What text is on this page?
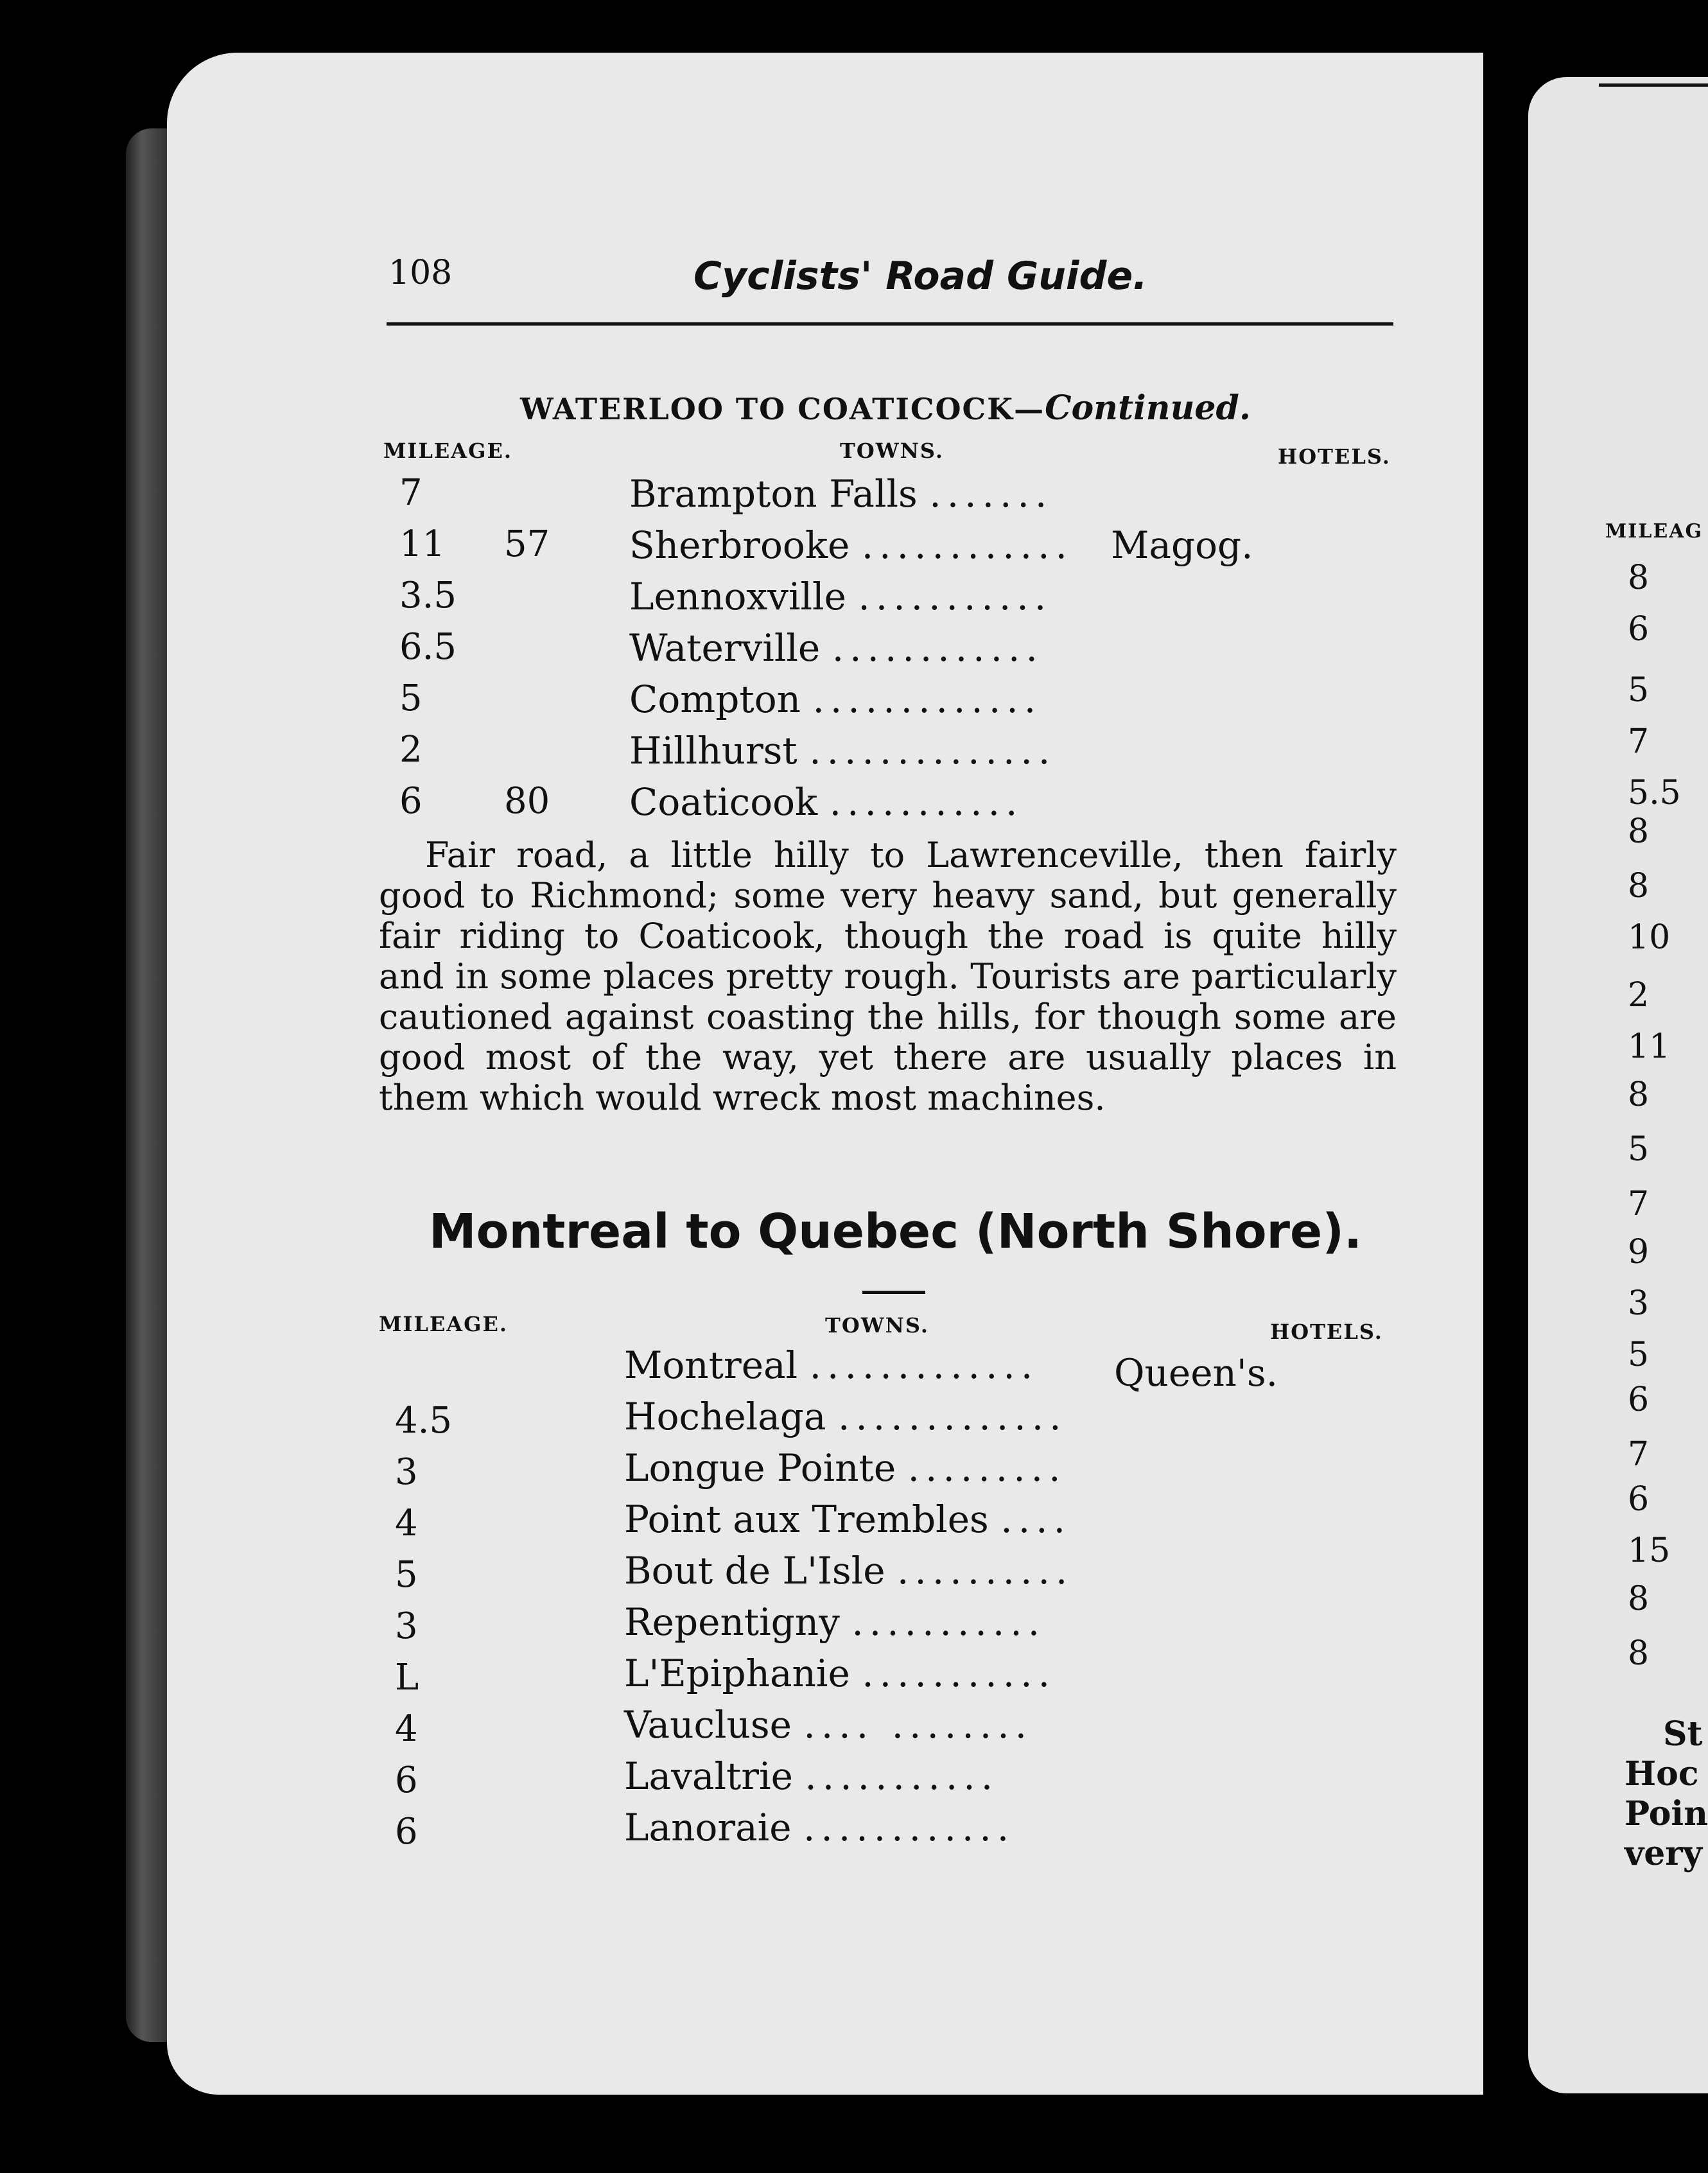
MILEAG
8
6
5
7
5.5
8
8
10
2
11
8
5
7
9
3
5
6
7
6
15
8
8
St
Hoc
Poin
very
108	Cyclists' Road Guide.
WATERLOO TO COATICOCK—Continued.
MILEAGE.	TOWNS.	HOTELS.
7	Brampton Falls .......
11 57 Sherbrooke ............ Magog.
3.5	Lennoxville ...........
6.5	Waterville ............
5	Compton .............
2	Hillhurst ..............
6 80 Coaticook ...........
Fair road, a little hilly to Lawrenceville, then fairly good to Richmond; some very heavy sand, but generally fair riding to Coaticook, though the road is quite hilly and in some places pretty rough. Tourists are particularly cautioned against coasting the hills, for though some are good most of the way, yet there are usually places in them which would wreck most machines.
Montreal to Quebec (North Shore).
MILEAGE.	TOWNS.	HOTELS.
Montreal ............. Queen's.
4.5	Hochelaga .............
3	Longue Pointe .........
4	Point aux Trembles ....
5	Bout de L'Isle ..........
3	Repentigny ...........
L	L'Epiphanie ...........
4	Vaucluse .... ........
6	Lavaltrie ...........
6	Lanoraie ............
